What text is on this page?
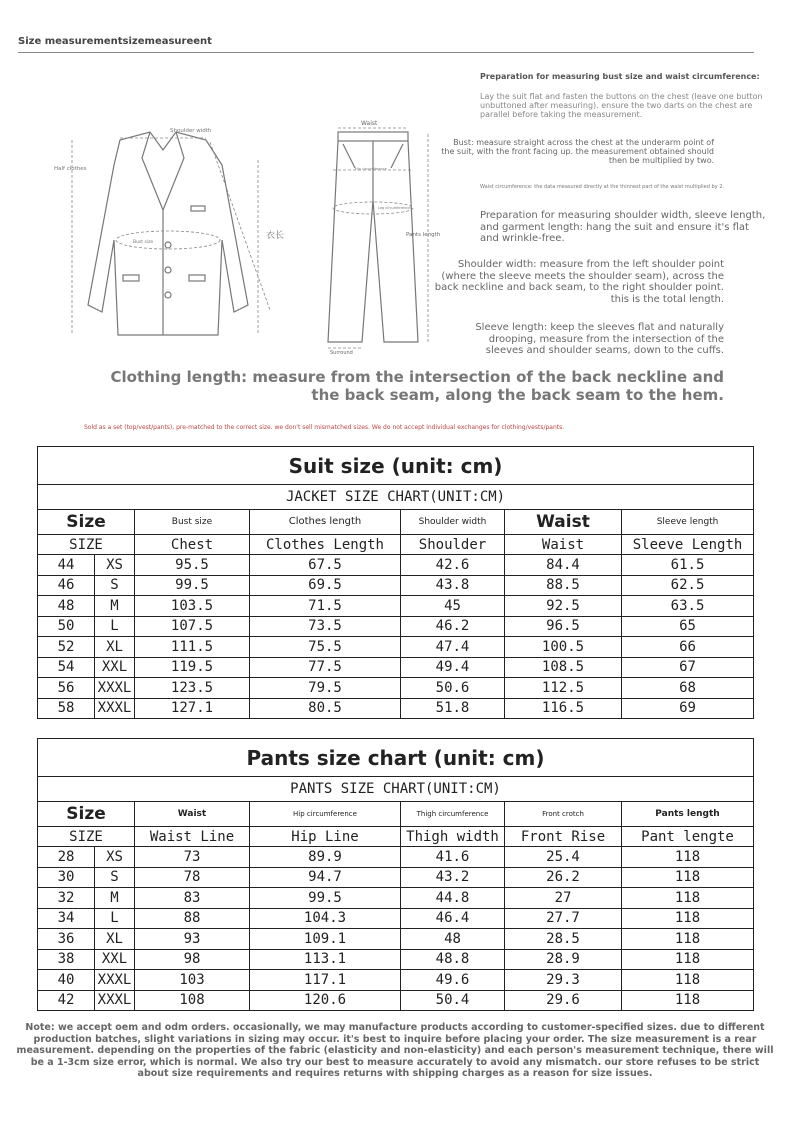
Size measurementsizemeasureent
Shoulder width
Half clothes
Bust size
衣长
Waist
Hip circumference
Leg circumference
Pants length
Surround
Preparation for measuring bust size and waist circumference:
Lay the suit flat and fasten the buttons on the chest (leave one button unbuttoned after measuring). ensure the two darts on the chest are parallel before taking the measurement.
Bust: measure straight across the chest at the underarm point of the suit, with the front facing up. the measurement obtained should then be multiplied by two.
Waist circumference: the data measured directly at the thinnest part of the waist multiplied by 2.
Preparation for measuring shoulder width, sleeve length, and garment length: hang the suit and ensure it's flat and wrinkle-free.
Shoulder width: measure from the left shoulder point (where the sleeve meets the shoulder seam), across the back neckline and back seam, to the right shoulder point. this is the total length.
Sleeve length: keep the sleeves flat and naturally drooping, measure from the intersection of the sleeves and shoulder seams, down to the cuffs.
Clothing length: measure from the intersection of the back neckline and the back seam, along the back seam to the hem.
Sold as a set (top/vest/pants), pre-matched to the correct size. we don't sell mismatched sizes. We do not accept individual exchanges for clothing/vests/pants.
Suit size (unit: cm)						
JACKET SIZE CHART(UNIT:CM)						
Size		Bust size	Clothes length	Shoulder width	Waist	Sleeve length
SIZE		Chest	Clothes Length	Shoulder	Waist	Sleeve Length
44	XS	95.5	67.5	42.6	84.4	61.5
46	S	99.5	69.5	43.8	88.5	62.5
48	M	103.5	71.5	45	92.5	63.5
50	L	107.5	73.5	46.2	96.5	65
52	XL	111.5	75.5	47.4	100.5	66
54	XXL	119.5	77.5	49.4	108.5	67
56	XXXL	123.5	79.5	50.6	112.5	68
58	XXXL	127.1	80.5	51.8	116.5	69
Pants size chart (unit: cm)						
PANTS SIZE CHART(UNIT:CM)						
Size		Waist	Hip circumference	Thigh circumference	Front crotch	Pants length
SIZE		Waist Line	Hip Line	Thigh width	Front Rise	Pant lengte
28	XS	73	89.9	41.6	25.4	118
30	S	78	94.7	43.2	26.2	118
32	M	83	99.5	44.8	27	118
34	L	88	104.3	46.4	27.7	118
36	XL	93	109.1	48	28.5	118
38	XXL	98	113.1	48.8	28.9	118
40	XXXL	103	117.1	49.6	29.3	118
42	XXXL	108	120.6	50.4	29.6	118
Note: we accept oem and odm orders. occasionally, we may manufacture products according to customer-specified sizes. due to different production batches, slight variations in sizing may occur. it's best to inquire before placing your order. The size measurement is a rear measurement. depending on the properties of the fabric (elasticity and non-elasticity) and each person's measurement technique, there will be a 1-3cm size error, which is normal. We also try our best to measure accurately to avoid any mismatch. our store refuses to be strict about size requirements and requires returns with shipping charges as a reason for size issues.
